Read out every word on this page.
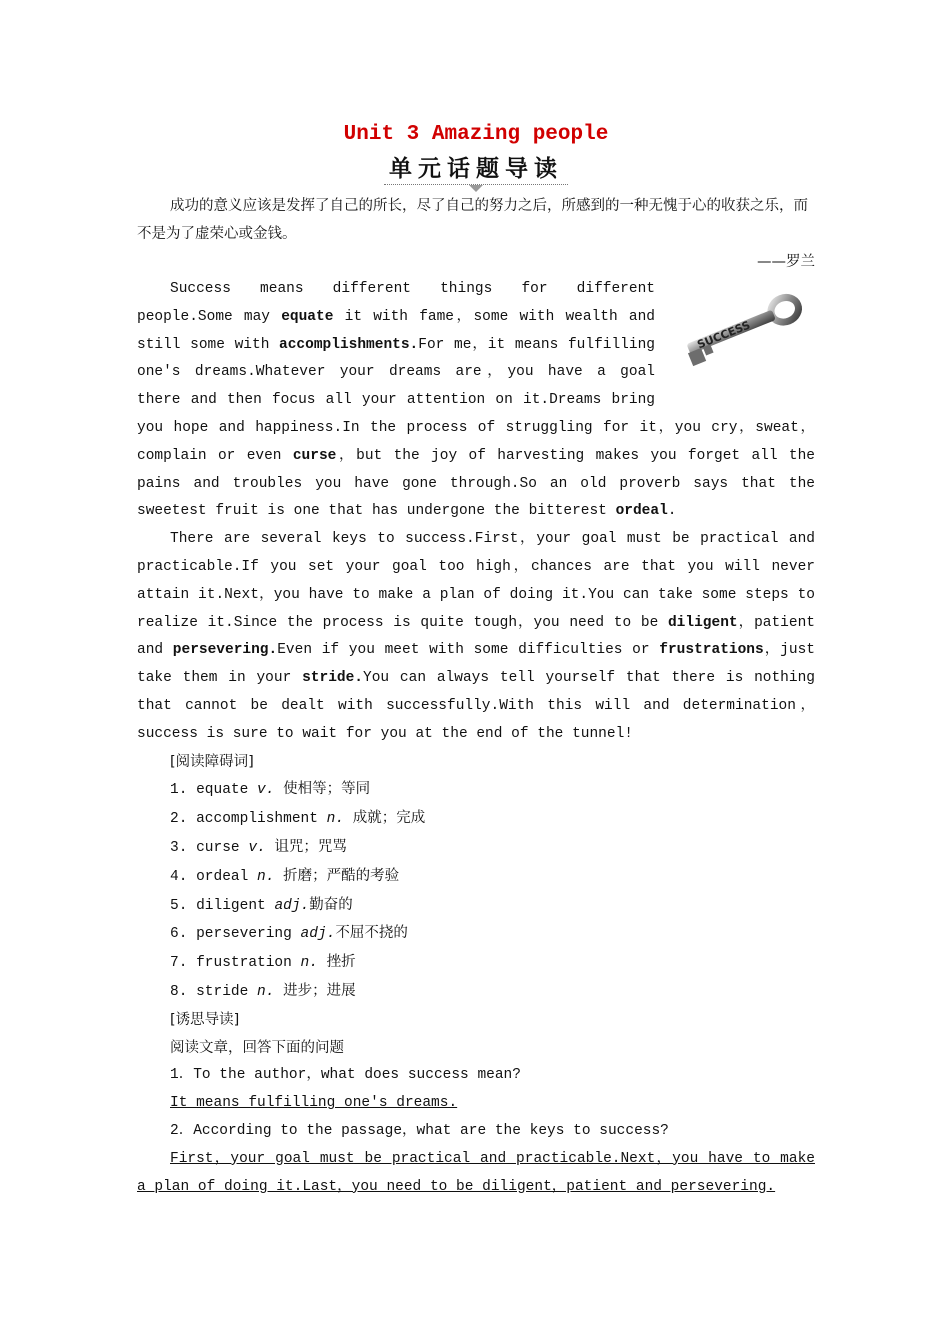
Unit 3 Amazing people
单元话题导读

成功的意义应该是发挥了自己的所长，尽了自己的努力之后，所感到的一种无愧于心的收获之乐，而不是为了虚荣心或金钱。

——罗兰

SUCCESS

Success means different things for different people.Some may equate it with fame，some with wealth and still some with accomplishments.For me，it means fulfilling one's dreams.Whatever your dreams are，you have a goal there and then focus all your attention on it.Dreams bring you hope and happiness.In the process of struggling for it，you cry，sweat，complain or even curse，but the joy of harvesting makes you forget all the pains and troubles you have gone through.So an old proverb says that the sweetest fruit is one that has undergone the bitterest ordeal.

There are several keys to success.First，your goal must be practical and practicable.If you set your goal too high，chances are that you will never attain it.Next，you have to make a plan of doing it.You can take some steps to realize it.Since the process is quite tough，you need to be diligent，patient and persevering.Even if you meet with some difficulties or frustrations，just take them in your stride.You can always tell yourself that there is nothing that cannot be dealt with successfully.With this will and determination，success is sure to wait for you at the end of the tunnel!

[阅读障碍词]

1. equate v. 使相等；等同

2. accomplishment n. 成就；完成

3. curse v. 诅咒；咒骂

4. ordeal n. 折磨；严酷的考验

5. diligent adj.勤奋的

6. persevering adj.不屈不挠的

7. frustration n. 挫折

8. stride n. 进步；进展

[诱思导读]

阅读文章，回答下面的问题

1．To the author，what does success mean?

It means fulfilling one's dreams.

2．According to the passage，what are the keys to success?

First，your goal must be practical and practicable.Next，you have to make a plan of doing it.Last，you need to be diligent，patient and persevering.
